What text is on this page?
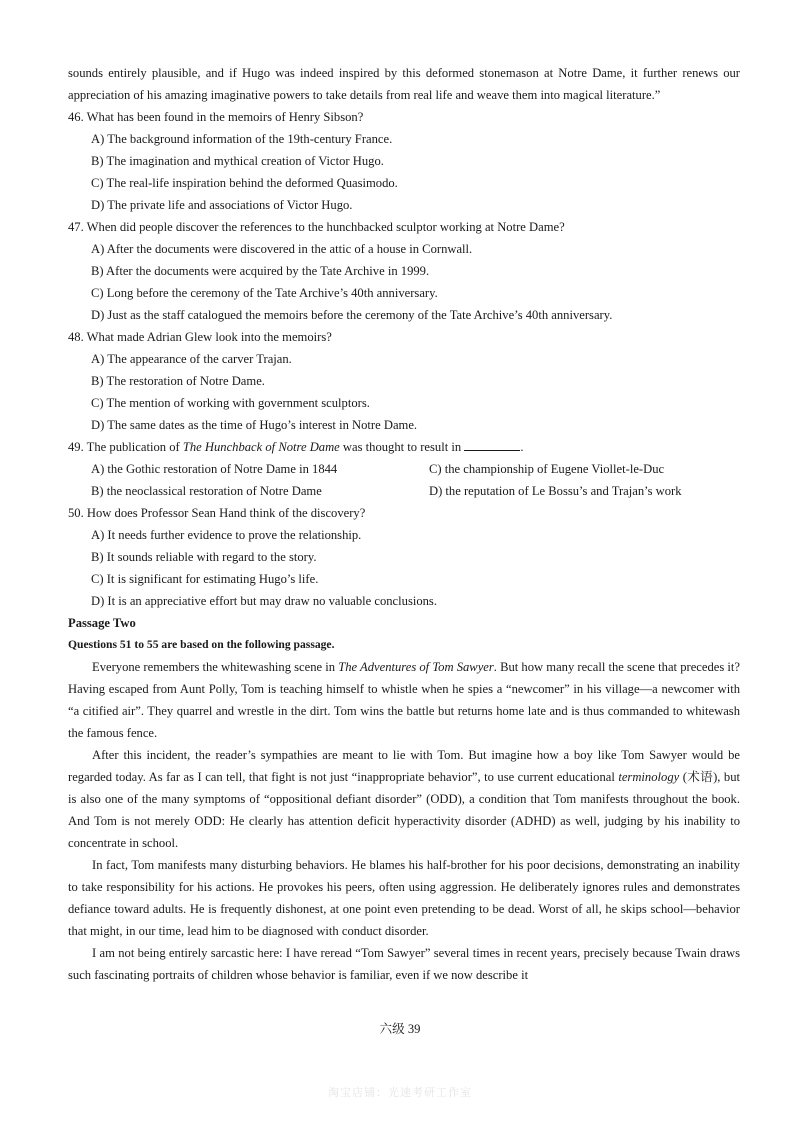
sounds entirely plausible, and if Hugo was indeed inspired by this deformed stonemason at Notre Dame, it further renews our appreciation of his amazing imaginative powers to take details from real life and weave them into magical literature.”

46. What has been found in the memoirs of Henry Sibson?

A) The background information of the 19th-century France.

B) The imagination and mythical creation of Victor Hugo.

C) The real-life inspiration behind the deformed Quasimodo.

D) The private life and associations of Victor Hugo.

47. When did people discover the references to the hunchbacked sculptor working at Notre Dame?

A) After the documents were discovered in the attic of a house in Cornwall.

B) After the documents were acquired by the Tate Archive in 1999.

C) Long before the ceremony of the Tate Archive’s 40th anniversary.

D) Just as the staff catalogued the memoirs before the ceremony of the Tate Archive’s 40th anniversary.

48. What made Adrian Glew look into the memoirs?

A) The appearance of the carver Trajan.

B) The restoration of Notre Dame.

C) The mention of working with government sculptors.

D) The same dates as the time of Hugo’s interest in Notre Dame.

49. The publication of The Hunchback of Notre Dame was thought to result in	.

A) the Gothic restoration of Notre Dame in 1844	C) the championship of Eugene Viollet-le-Duc
B) the neoclassical restoration of Notre Dame	D) the reputation of Le Bossu’s and Trajan’s work

50. How does Professor Sean Hand think of the discovery?

A) It needs further evidence to prove the relationship.

B) It sounds reliable with regard to the story.

C) It is significant for estimating Hugo’s life.

D) It is an appreciative effort but may draw no valuable conclusions.

Passage Two

Questions 51 to 55 are based on the following passage.

Everyone remembers the whitewashing scene in The Adventures of Tom Sawyer. But how many recall the scene that precedes it? Having escaped from Aunt Polly, Tom is teaching himself to whistle when he spies a “newcomer” in his village—a newcomer with “a citified air”. They quarrel and wrestle in the dirt. Tom wins the battle but returns home late and is thus commanded to whitewash the famous fence.

After this incident, the reader’s sympathies are meant to lie with Tom. But imagine how a boy like Tom Sawyer would be regarded today. As far as I can tell, that fight is not just “inappropriate behavior”, to use current educational terminology (术语), but is also one of the many symptoms of “oppositional defiant disorder” (ODD), a condition that Tom manifests throughout the book. And Tom is not merely ODD: He clearly has attention deficit hyperactivity disorder (ADHD) as well, judging by his inability to concentrate in school.

In fact, Tom manifests many disturbing behaviors. He blames his half-brother for his poor decisions, demonstrating an inability to take responsibility for his actions. He provokes his peers, often using aggression. He deliberately ignores rules and demonstrates defiance toward adults. He is frequently dishonest, at one point even pretending to be dead. Worst of all, he skips school—behavior that might, in our time, lead him to be diagnosed with conduct disorder.

I am not being entirely sarcastic here: I have reread “Tom Sawyer” several times in recent years, precisely because Twain draws such fascinating portraits of children whose behavior is familiar, even if we now describe it

六级 39
淘宝店铺：光速考研工作室
